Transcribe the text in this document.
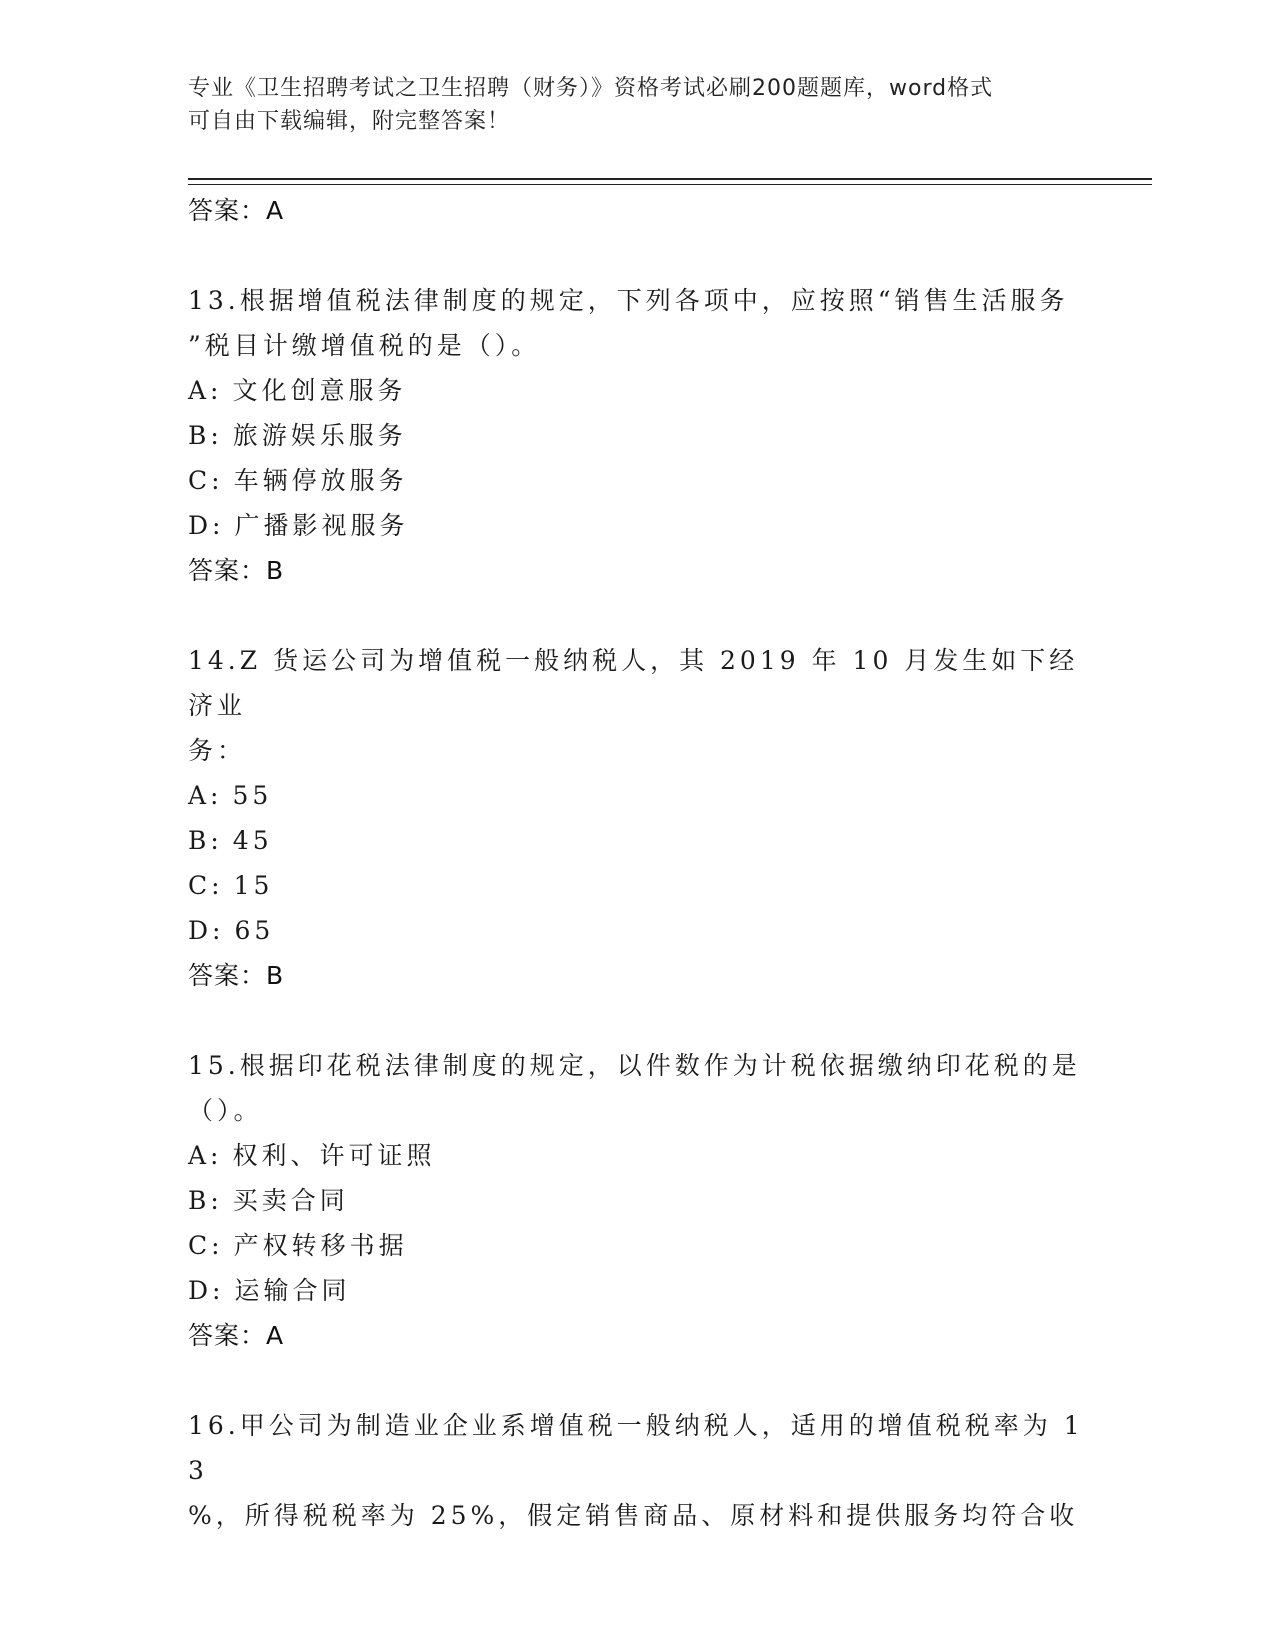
专业《卫生招聘考试之卫生招聘（财务）》资格考试必刷200题题库，word格式
可自由下载编辑，附完整答案！
答案：A
13.根据增值税法律制度的规定，下列各项中，应按照“销售生活服务
”税目计缴增值税的是（）。
A: 文化创意服务
B: 旅游娱乐服务
C: 车辆停放服务
D: 广播影视服务
答案：B
14.Z 货运公司为增值税一般纳税人，其 2019 年 10 月发生如下经济业
务：
A: 55
B: 45
C: 15
D: 65
答案：B
15.根据印花税法律制度的规定，以件数作为计税依据缴纳印花税的是
（）。
A: 权利、许可证照
B: 买卖合同
C: 产权转移书据
D: 运输合同
答案：A
16.甲公司为制造业企业系增值税一般纳税人，适用的增值税税率为 13
%，所得税税率为 25%，假定销售商品、原材料和提供服务均符合收
